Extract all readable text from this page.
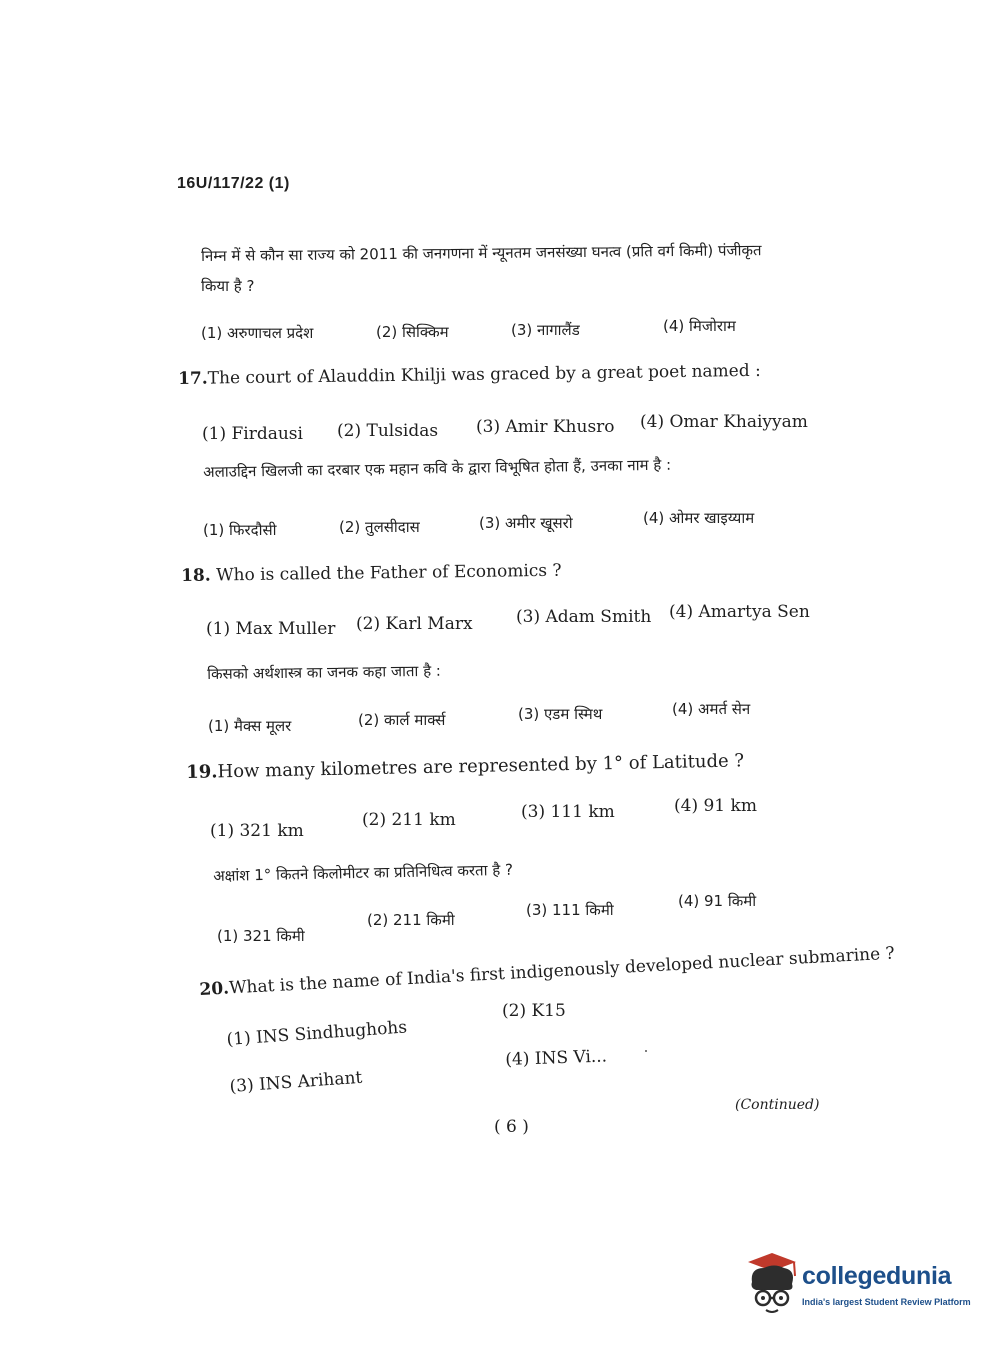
16U/117/22 (1)
निम्न में से कौन सा राज्य को 2011 की जनगणना में न्यूनतम जनसंख्या घनत्व (प्रति वर्ग किमी) पंजीकृत
किया है ?
(1) अरुणाचल प्रदेश	(2) सिक्किम	(3) नागालैंड	(4) मिजोराम
17.The court of Alauddin Khilji was graced by a great poet named :
(1) Firdausi (2) Tulsidas (3) Amir Khusro (4) Omar Khaiyyam
अलाउद्दिन खिलजी का दरबार एक महान कवि के द्वारा विभूषित होता हैं, उनका नाम है :
(1) फिरदौसी	(2) तुलसीदास	(3) अमीर खूसरो	(4) ओमर खाइय्याम
18. Who is called the Father of Economics ?
(1) Max Muller (2) Karl Marx	(3) Adam Smith (4) Amartya Sen
किसको अर्थशास्त्र का जनक कहा जाता है :
(1) मैक्स मूलर	(2) कार्ल मार्क्स	(3) एडम स्मिथ	(4) अमर्त सेन
19.How many kilometres are represented by 1° of Latitude ?
(1) 321 km
(2) 211 km	(3) 111 km	(4) 91 km
अक्षांश 1° कितने किलोमीटर का प्रतिनिधित्व करता है ?
(1) 321 किमी
(2) 211 किमी
(3) 111 किमी	(4) 91 किमी
20.What is the name of India's first indigenously developed nuclear submarine ?
(1) INS Sindhughohs
(2) K15
(3) INS Arihant
(4) INS Vi...
(Continued)
( 6 )
collegedunia
India's largest Student Review Platform
